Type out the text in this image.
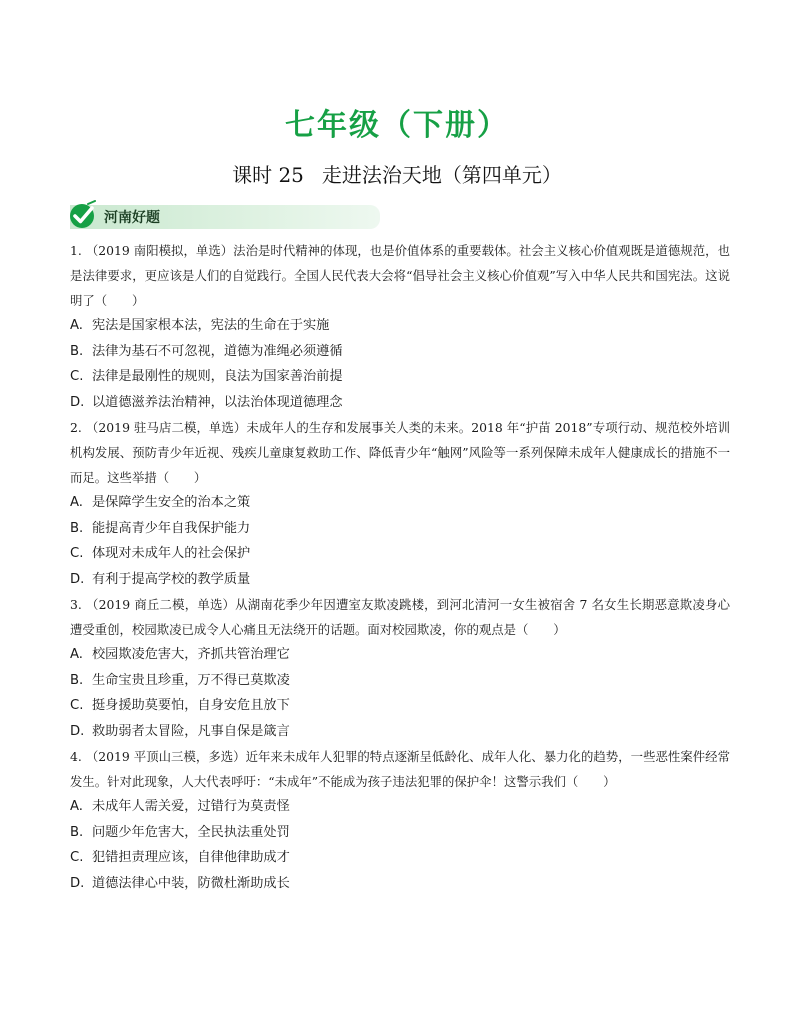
七年级（下册）
课时 25 走进法治天地（第四单元）
河南好题

1. （2019 南阳模拟，单选）法治是时代精神的体现，也是价值体系的重要载体。社会主义核心价值观既是道德规范，也是法律要求，更应该是人们的自觉践行。全国人民代表大会将“倡导社会主义核心价值观”写入中华人民共和国宪法。这说明了（　　）

A. 宪法是国家根本法，宪法的生命在于实施

B. 法律为基石不可忽视，道德为准绳必须遵循

C. 法律是最刚性的规则，良法为国家善治前提

D. 以道德滋养法治精神，以法治体现道德理念

2. （2019 驻马店二模，单选）未成年人的生存和发展事关人类的未来。2018 年“护苗 2018”专项行动、规范校外培训机构发展、预防青少年近视、残疾儿童康复救助工作、降低青少年“触网”风险等一系列保障未成年人健康成长的措施不一而足。这些举措（　　）

A. 是保障学生安全的治本之策

B. 能提高青少年自我保护能力

C. 体现对未成年人的社会保护

D. 有利于提高学校的教学质量

3. （2019 商丘二模，单选）从湖南花季少年因遭室友欺凌跳楼，到河北清河一女生被宿舍 7 名女生长期恶意欺凌身心遭受重创，校园欺凌已成令人心痛且无法绕开的话题。面对校园欺凌，你的观点是（　　）

A. 校园欺凌危害大，齐抓共管治理它

B. 生命宝贵且珍重，万不得已莫欺凌

C. 挺身援助莫要怕，自身安危且放下

D. 救助弱者太冒险，凡事自保是箴言

4. （2019 平顶山三模，多选）近年来未成年人犯罪的特点逐渐呈低龄化、成年人化、暴力化的趋势，一些恶性案件经常发生。针对此现象，人大代表呼吁：“未成年”不能成为孩子违法犯罪的保护伞！这警示我们（　　）

A. 未成年人需关爱，过错行为莫责怪

B. 问题少年危害大，全民执法重处罚

C. 犯错担责理应该，自律他律助成才

D. 道德法律心中装，防微杜渐助成长
